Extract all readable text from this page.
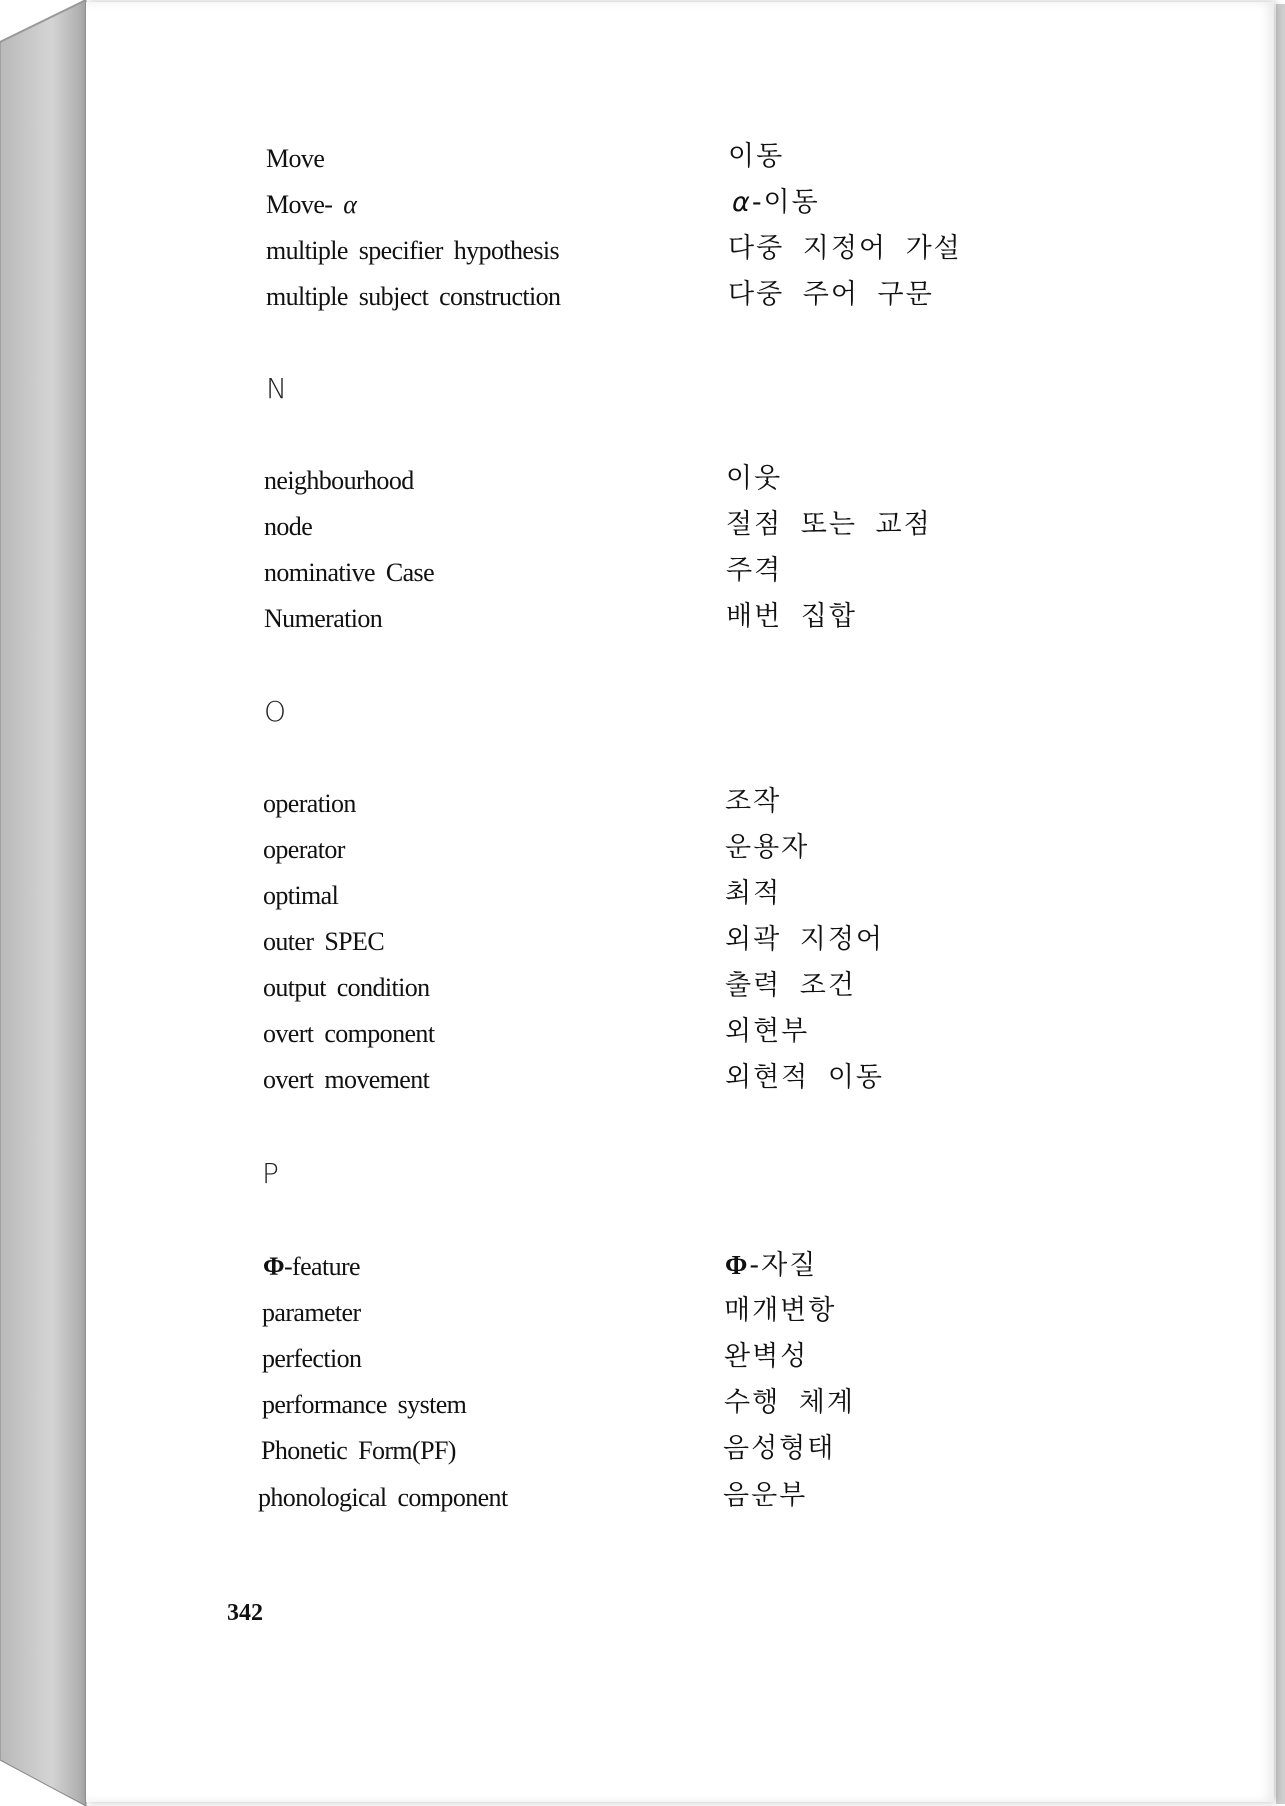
Move	이동
Move- α	α-이동
multiple specifier hypothesis	다중 지정어 가설
multiple subject construction	다중 주어 구문
N
neighbourhood	이웃
node	절점 또는 교점
nominative Case	주격
Numeration	배번 집합
O
operation	조작
operator	운용자
optimal	최적
outer SPEC	외곽 지정어
output condition	출력 조건
overt component	외현부
overt movement	외현적 이동
P
Φ-feature	Φ-자질
parameter	매개변항
perfection	완벽성
performance system	수행 체계
Phonetic Form(PF)	음성형태
phonological component	음운부
342
